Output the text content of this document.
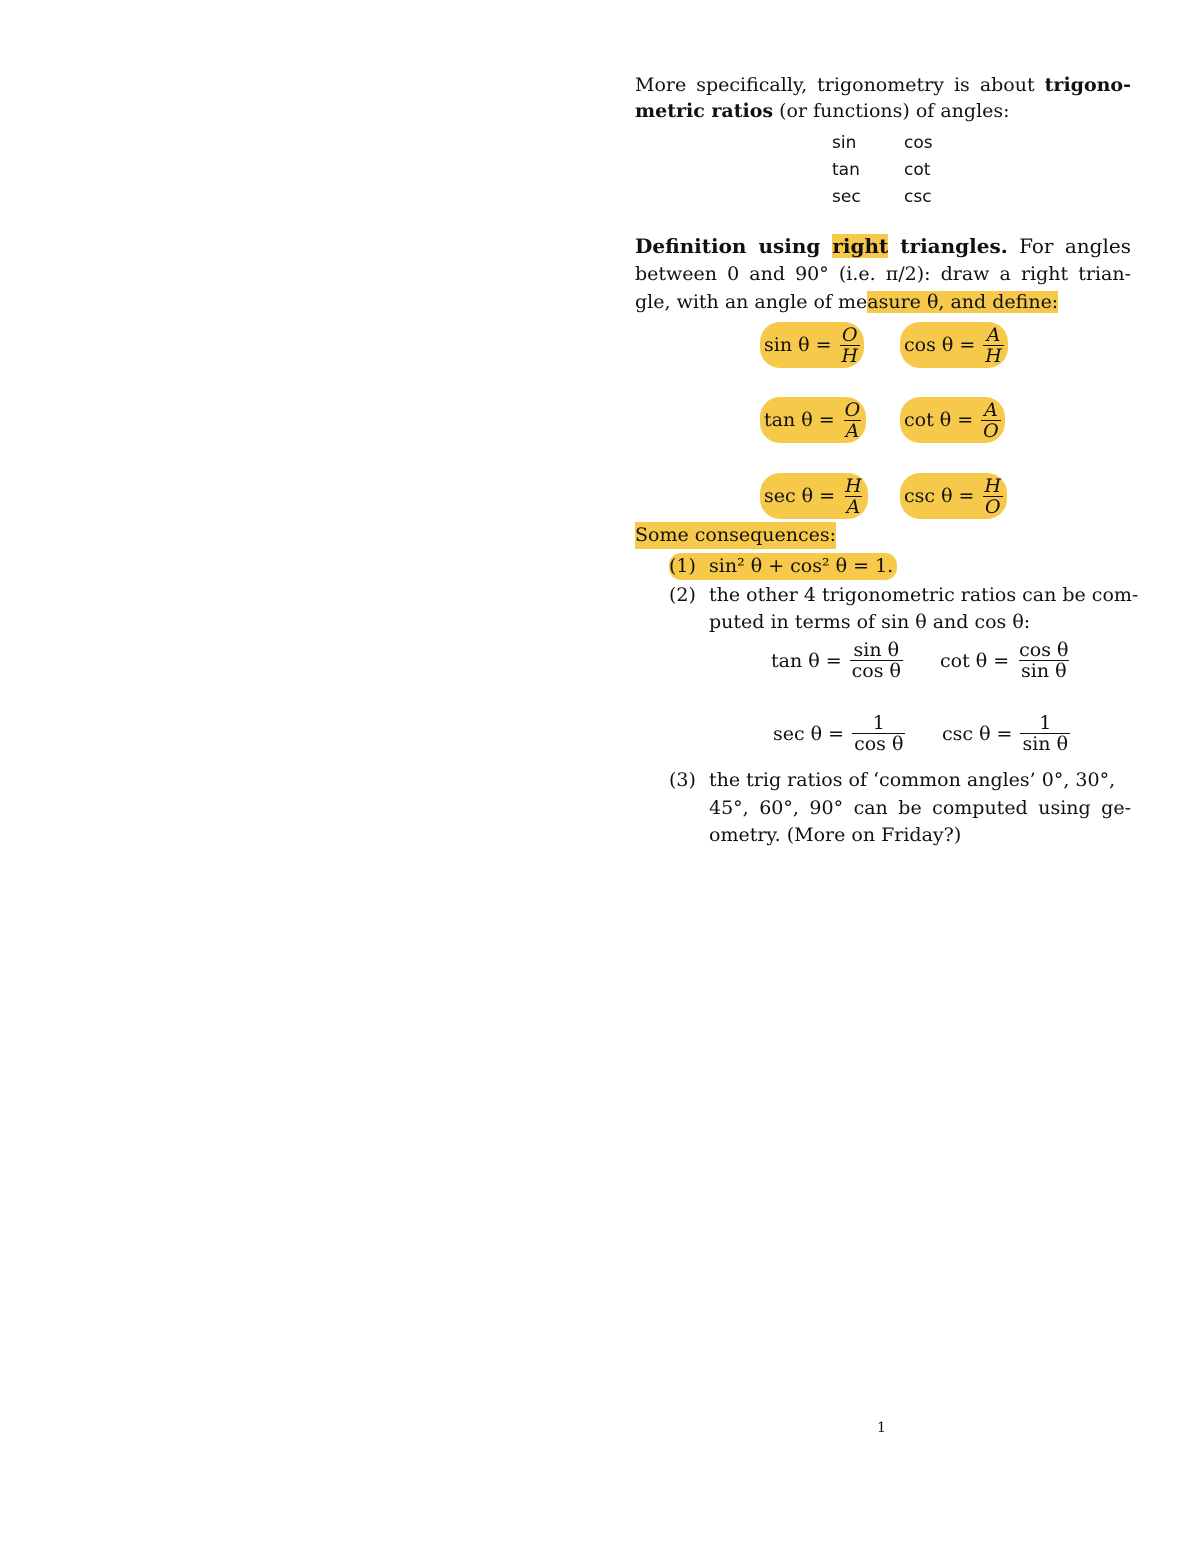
More specifically, trigonometry is about trigono-
metric ratios (or functions) of angles:
sin	cos
tan	cot
sec	csc
Definition using right triangles. For angles
between 0 and 90° (i.e. π/2): draw a right trian-
gle, with an angle of measure θ, and define:
$\sin \theta = \frac{O}{H}$ $\cos \theta = \frac{A}{H}$
$\tan \theta = \frac{O}{A}$ $\cot \theta = \frac{A}{O}$
$\sec \theta = \frac{H}{A}$ $\csc \theta = \frac{H}{O}$
Some consequences:
(1) sin² θ + cos² θ = 1.
(2) the other 4 trigonometric ratios can be com-
puted in terms of sin θ and cos θ:
$\tan \theta = \frac{\text{sin θ}}{\text{cos θ}}$ $\cot \theta = \frac{\text{cos θ}}{\text{sin θ}}$
$\sec \theta = \frac{1}{\text{cos θ}}$ $\csc \theta = \frac{1}{\text{sin θ}}$
(3) the trig ratios of ‘common angles’ 0°, 30°,
45°, 60°, 90° can be computed using ge-
ometry. (More on Friday?)
1
